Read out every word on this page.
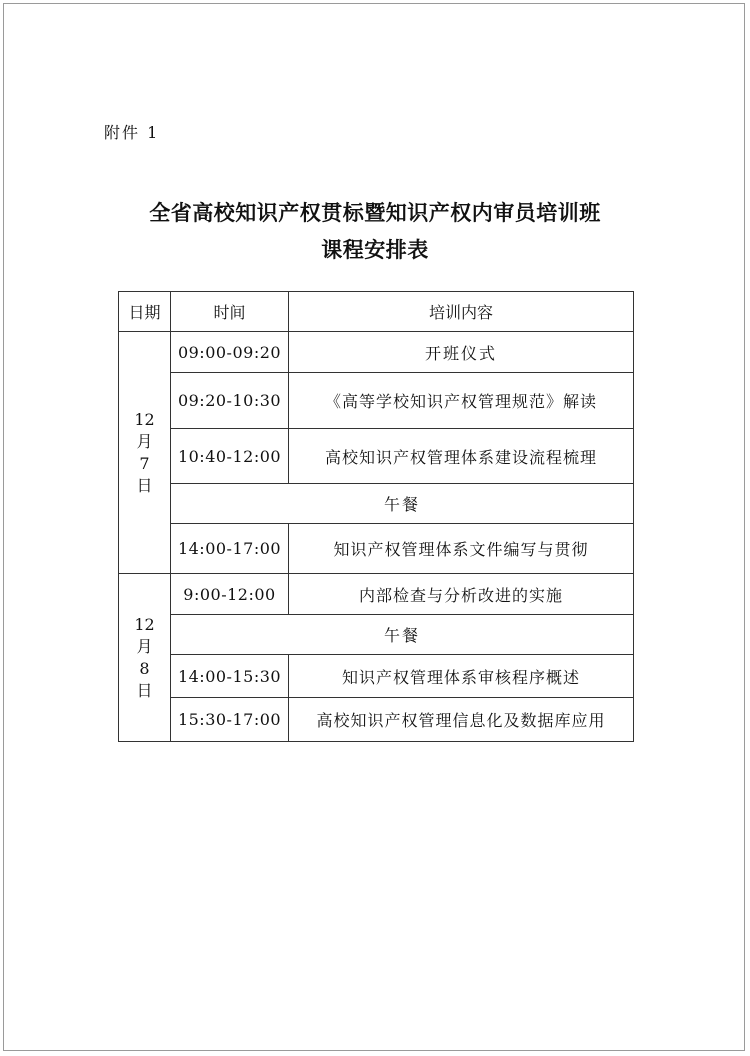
附件 1
全省高校知识产权贯标暨知识产权内审员培训班
课程安排表
日期	时间	培训内容

12
月
7
日	09:00-09:20	开班仪式
	09:20-10:30	《高等学校知识产权管理规范》解读
	10:40-12:00	高校知识产权管理体系建设流程梳理
	午餐	
	14:00-17:00	知识产权管理体系文件编写与贯彻

12
月
8
日	9:00-12:00	内部检查与分析改进的实施
	午餐	
	14:00-15:30	知识产权管理体系审核程序概述
	15:30-17:00	高校知识产权管理信息化及数据库应用
